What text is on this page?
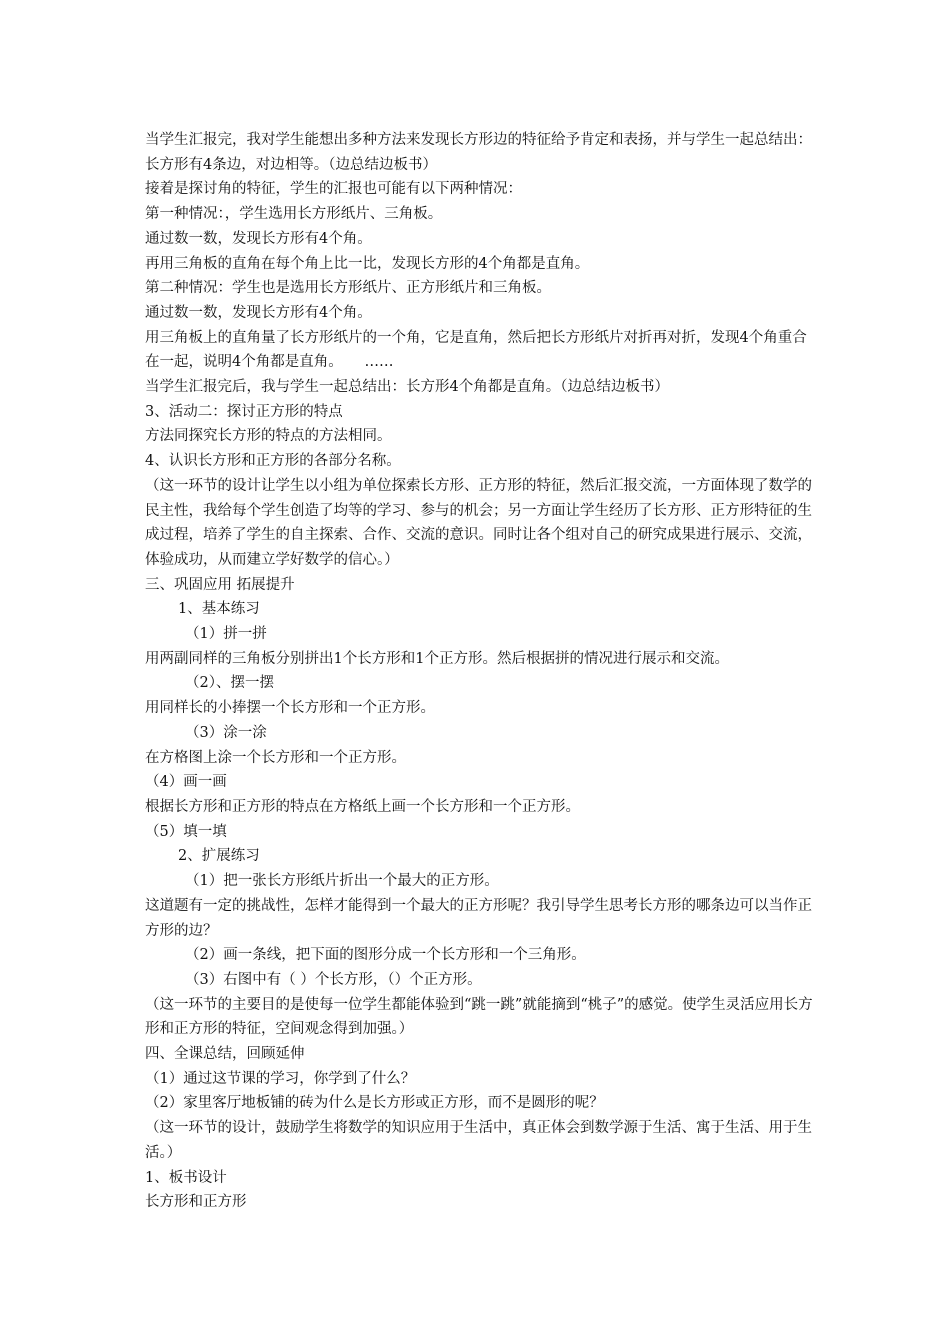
当学生汇报完，我对学生能想出多种方法来发现长方形边的特征给予肯定和表扬，并与学生一起总结出：长方形有4条边，对边相等。（边总结边板书）

接着是探讨角的特征，学生的汇报也可能有以下两种情况：

第一种情况：，学生选用长方形纸片、三角板。

通过数一数，发现长方形有4个角。

再用三角板的直角在每个角上比一比，发现长方形的4个角都是直角。

第二种情况：学生也是选用长方形纸片、正方形纸片和三角板。

通过数一数，发现长方形有4个角。

用三角板上的直角量了长方形纸片的一个角，它是直角，然后把长方形纸片对折再对折，发现4个角重合在一起，说明4个角都是直角。　　……

当学生汇报完后，我与学生一起总结出：长方形4个角都是直角。（边总结边板书）

3、活动二：探讨正方形的特点

方法同探究长方形的特点的方法相同。

4、认识长方形和正方形的各部分名称。

（这一环节的设计让学生以小组为单位探索长方形、正方形的特征，然后汇报交流，一方面体现了数学的民主性，我给每个学生创造了均等的学习、参与的机会；另一方面让学生经历了长方形、正方形特征的生成过程，培养了学生的自主探索、合作、交流的意识。同时让各个组对自己的研究成果进行展示、交流，体验成功，从而建立学好数学的信心。）

三、巩固应用 拓展提升

1、基本练习

（1）拼一拼

用两副同样的三角板分别拼出1个长方形和1个正方形。然后根据拼的情况进行展示和交流。

（2）、摆一摆

用同样长的小捧摆一个长方形和一个正方形。

（3）涂一涂

在方格图上涂一个长方形和一个正方形。

（4）画一画

根据长方形和正方形的特点在方格纸上画一个长方形和一个正方形。

（5）填一填

2、扩展练习

（1）把一张长方形纸片折出一个最大的正方形。

这道题有一定的挑战性，怎样才能得到一个最大的正方形呢？我引导学生思考长方形的哪条边可以当作正方形的边？

（2）画一条线，把下面的图形分成一个长方形和一个三角形。

（3）右图中有（ ）个长方形，（）个正方形。

（这一环节的主要目的是使每一位学生都能体验到“跳一跳”就能摘到“桃子”的感觉。使学生灵活应用长方形和正方形的特征，空间观念得到加强。）

四、全课总结，回顾延伸

（1）通过这节课的学习，你学到了什么？

（2）家里客厅地板铺的砖为什么是长方形或正方形，而不是圆形的呢？

（这一环节的设计，鼓励学生将数学的知识应用于生活中，真正体会到数学源于生活、寓于生活、用于生活。）

1、板书设计

长方形和正方形
